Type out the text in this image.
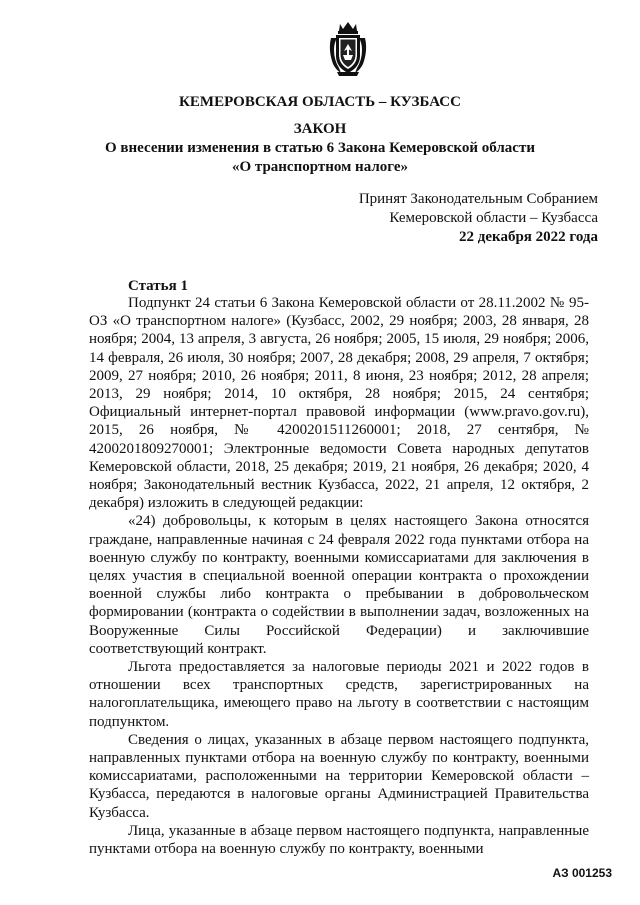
КЕМЕРОВСКАЯ ОБЛАСТЬ – КУЗБАСС
ЗАКОН
О внесении изменения в статью 6 Закона Кемеровской области
«О транспортном налоге»
Принят Законодательным Собранием
Кемеровской области – Кузбасса
22 декабря 2022 года
Статья 1

Подпункт 24 статьи 6 Закона Кемеровской области от 28.11.2002 № 95-ОЗ «О транспортном налоге» (Кузбасс, 2002, 29 ноября; 2003, 28 января, 28 ноября; 2004, 13 апреля, 3 августа, 26 ноября; 2005, 15 июля, 29 ноября; 2006, 14 февраля, 26 июля, 30 ноября; 2007, 28 декабря; 2008, 29 апреля, 7 октября; 2009, 27 ноября; 2010, 26 ноября; 2011, 8 июня, 23 ноября; 2012, 28 апреля; 2013, 29 ноября; 2014, 10 октября, 28 ноября; 2015, 24 сентября; Официальный интернет-портал правовой информации (www.pravo.gov.ru), 2015, 26 ноября, № 4200201511260001; 2018, 27 сентября, № 4200201809270001; Электронные ведомости Совета народных депутатов Кемеровской области, 2018, 25 декабря; 2019, 21 ноября, 26 декабря; 2020, 4 ноября; Законодательный вестник Кузбасса, 2022, 21 апреля, 12 октября, 2 декабря) изложить в следующей редакции:

«24) добровольцы, к которым в целях настоящего Закона относятся граждане, направленные начиная с 24 февраля 2022 года пунктами отбора на военную службу по контракту, военными комиссариатами для заключения в целях участия в специальной военной операции контракта о прохождении военной службы либо контракта о пребывании в добровольческом формировании (контракта о содействии в выполнении задач, возложенных на Вооруженные Силы Российской Федерации) и заключившие соответствующий контракт.

Льгота предоставляется за налоговые периоды 2021 и 2022 годов в отношении всех транспортных средств, зарегистрированных на налогоплательщика, имеющего право на льготу в соответствии с настоящим подпунктом.

Сведения о лицах, указанных в абзаце первом настоящего подпункта, направленных пунктами отбора на военную службу по контракту, военными комиссариатами, расположенными на территории Кемеровской области – Кузбасса, передаются в налоговые органы Администрацией Правительства Кузбасса.

Лица, указанные в абзаце первом настоящего подпункта, направленные пунктами отбора на военную службу по контракту, военными

АЗ 001253
